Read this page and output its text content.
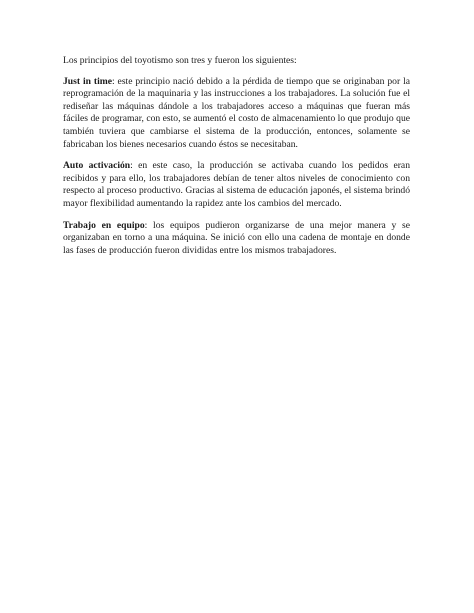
Los principios del toyotismo son tres y fueron los siguientes:

Just in time: este principio nació debido a la pérdida de tiempo que se originaban por la reprogramación de la maquinaria y las instrucciones a los trabajadores. La solución fue el rediseñar las máquinas dándole a los trabajadores acceso a máquinas que fueran más fáciles de programar, con esto, se aumentó el costo de almacenamiento lo que produjo que también tuviera que cambiarse el sistema de la producción, entonces, solamente se fabricaban los bienes necesarios cuando éstos se necesitaban.

Auto activación: en este caso, la producción se activaba cuando los pedidos eran recibidos y para ello, los trabajadores debían de tener altos niveles de conocimiento con respecto al proceso productivo. Gracias al sistema de educación japonés, el sistema brindó mayor flexibilidad aumentando la rapidez ante los cambios del mercado.

Trabajo en equipo: los equipos pudieron organizarse de una mejor manera y se organizaban en torno a una máquina. Se inició con ello una cadena de montaje en donde las fases de producción fueron divididas entre los mismos trabajadores.
